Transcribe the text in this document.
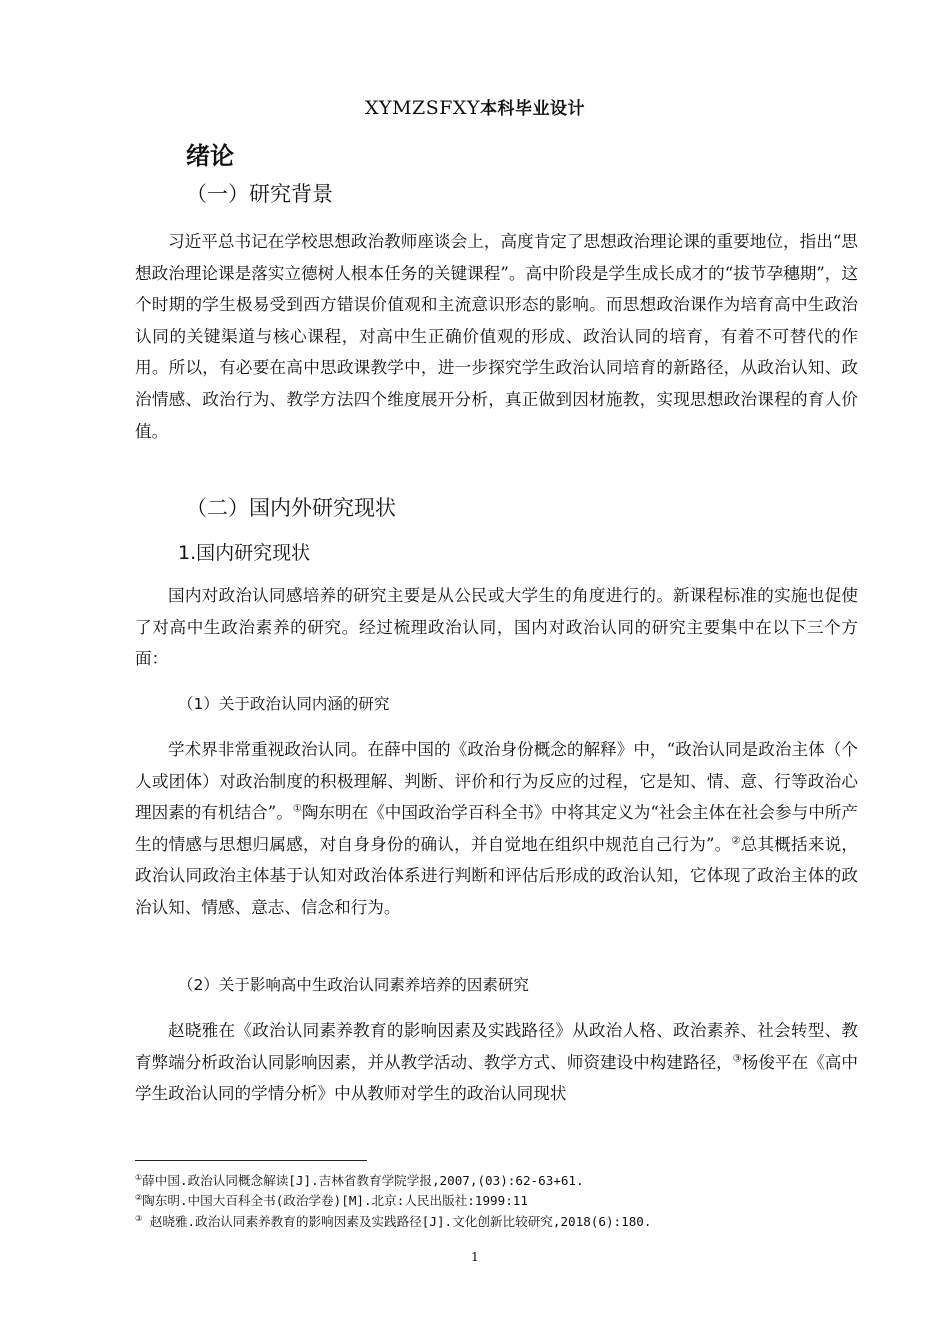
XYMZSFXY本科毕业设计
绪论
（一）研究背景
习近平总书记在学校思想政治教师座谈会上，高度肯定了思想政治理论课的重要地位，指出“思想政治理论课是落实立德树人根本任务的关键课程”。高中阶段是学生成长成才的“拔节孕穗期”，这个时期的学生极易受到西方错误价值观和主流意识形态的影响。而思想政治课作为培育高中生政治认同的关键渠道与核心课程，对高中生正确价值观的形成、政治认同的培育，有着不可替代的作用。所以，有必要在高中思政课教学中，进一步探究学生政治认同培育的新路径，从政治认知、政治情感、政治行为、教学方法四个维度展开分析，真正做到因材施教，实现思想政治课程的育人价值。
（二）国内外研究现状
1.国内研究现状
国内对政治认同感培养的研究主要是从公民或大学生的角度进行的。新课程标准的实施也促使了对高中生政治素养的研究。经过梳理政治认同，国内对政治认同的研究主要集中在以下三个方面：
（1）关于政治认同内涵的研究
学术界非常重视政治认同。在薛中国的《政治身份概念的解释》中，“政治认同是政治主体（个人或团体）对政治制度的积极理解、判断、评价和行为反应的过程，它是知、情、意、行等政治心理因素的有机结合”。①陶东明在《中国政治学百科全书》中将其定义为“社会主体在社会参与中所产生的情感与思想归属感，对自身身份的确认，并自觉地在组织中规范自己行为”。②总其概括来说，政治认同政治主体基于认知对政治体系进行判断和评估后形成的政治认知，它体现了政治主体的政治认知、情感、意志、信念和行为。
（2）关于影响高中生政治认同素养培养的因素研究
赵晓雅在《政治认同素养教育的影响因素及实践路径》从政治人格、政治素养、社会转型、教育弊端分析政治认同影响因素，并从教学活动、教学方式、师资建设中构建路径，③杨俊平在《高中学生政治认同的学情分析》中从教师对学生的政治认同现状
①薛中国.政治认同概念解读[J].吉林省教育学院学报,2007,(03):62-63+61.
②陶东明.中国大百科全书(政治学卷)[M].北京:人民出版社:1999:11
③ 赵晓雅.政治认同素养教育的影响因素及实践路径[J].文化创新比较研究,2018(6):180.
1
